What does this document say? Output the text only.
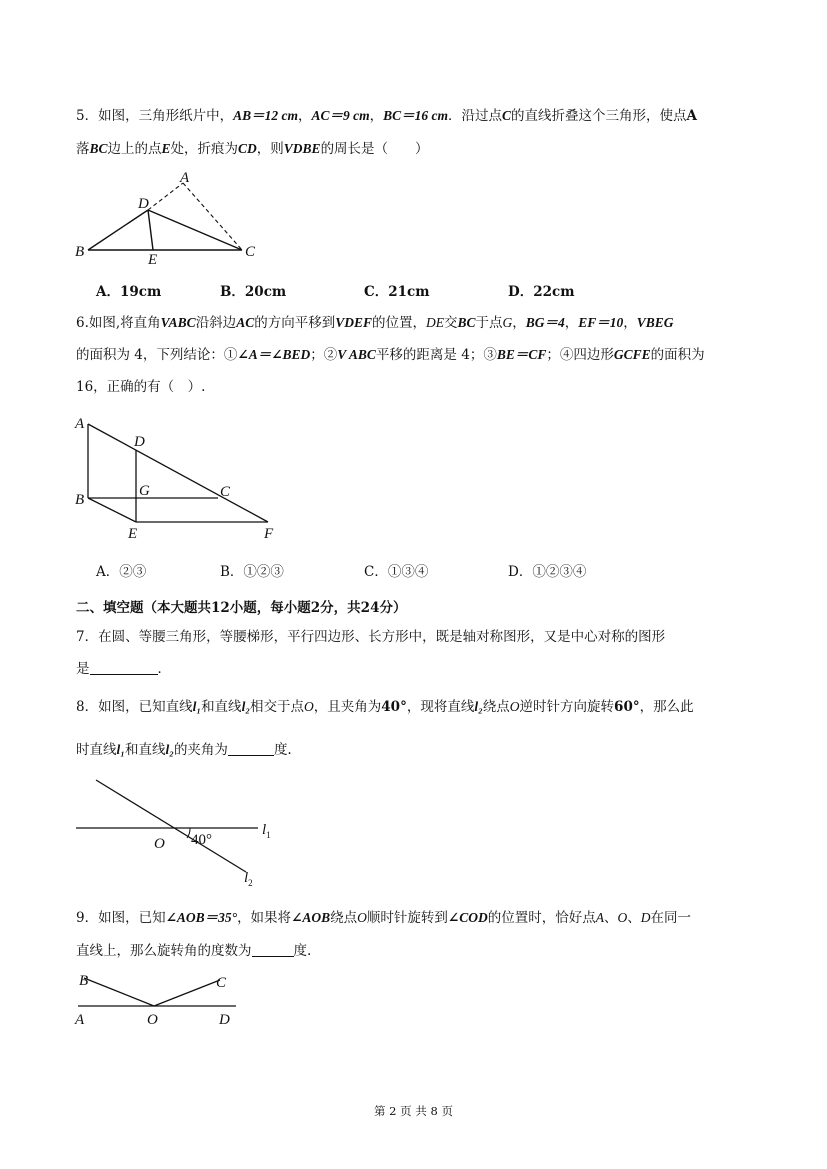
5．如图，三角形纸片中，AB＝12 cm，AC＝9 cm，BC＝16 cm．沿过点C的直线折叠这个三角形，使点A
落BC边上的点E处，折痕为CD，则VDBE的周长是（　　）
A
D
B	C
E
A．19cm	B．20cm	C．21cm	D．22cm
6.如图,将直角VABC沿斜边AC的方向平移到VDEF的位置，DE交BC于点G，BG＝4，EF＝10，VBEG
的面积为 4，下列结论：①∠A＝∠BED；②V ABC平移的距离是 4；③BE＝CF；④四边形GCFE的面积为
16，正确的有（　）.
A
D
B
G	C
E	F
A．②③	B．①②③	C．①③④	D．①②③④
二、填空题（本大题共12小题，每小题2分，共24分）
7．在圆、等腰三角形，等腰梯形，平行四边形、长方形中，既是轴对称图形，又是中心对称的图形
是	．
8．如图，已知直线l₁和直线l₂相交于点O，且夹角为40°，现将直线l₂绕点O逆时针方向旋转60°，那么此
时直线l₁和直线l₂的夹角为	度.
O 40°
$l_1$
$l_2$
9．如图，已知∠AOB＝35°，如果将∠AOB绕点O顺时针旋转到∠COD的位置时，恰好点A、O、D在同一
直线上，那么旋转角的度数为	度.
B	C
A	O	D
第 2 页 共 8 页
